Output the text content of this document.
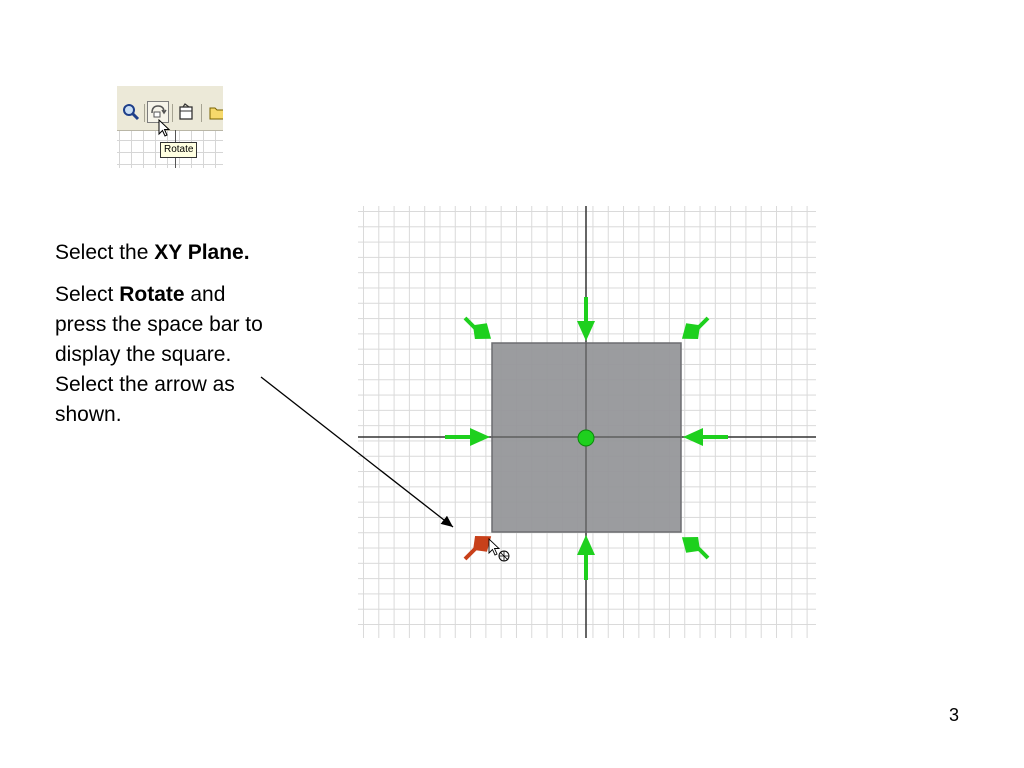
Rotate

Select the XY Plane.

Select Rotate and press the space bar to display the square. Select the arrow as shown.

3
